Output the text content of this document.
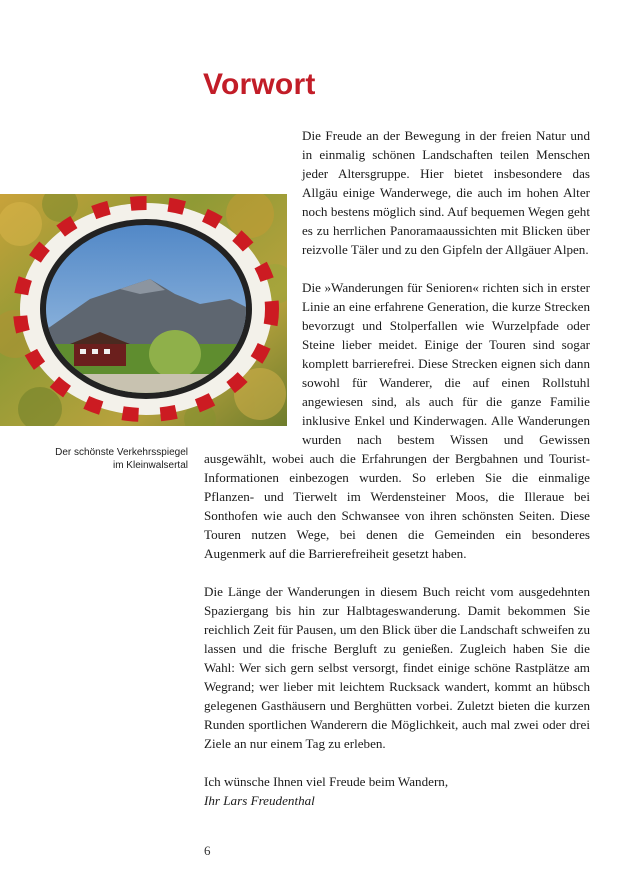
Vorwort
Der schönste Verkehrsspiegel
im Kleinwalsertal

Die Freude an der Bewegung in der freien Natur und in einmalig schönen Landschaften teilen Menschen jeder Altersgruppe. Hier bietet insbesondere das Allgäu einige Wanderwege, die auch im hohen Alter noch bestens möglich sind. Auf bequemen Wegen geht es zu herrlichen Panoramaaussichten mit Blicken über reizvolle Täler und zu den Gipfeln der Allgäuer Alpen.

Die »Wanderungen für Senioren« richten sich in erster Linie an eine erfahrene Generation, die kurze Strecken bevorzugt und Stolperfallen wie Wurzelpfade oder Steine lieber meidet. Einige der Touren sind sogar komplett barrierefrei. Diese Strecken eignen sich dann sowohl für Wanderer, die auf einen Rollstuhl angewiesen sind, als auch für die ganze Familie inklusive Enkel und Kinderwagen. Alle Wanderungen wurden nach bestem Wissen und Gewissen ausgewählt, wobei auch die Erfahrungen der Bergbahnen und Tourist-Informationen einbezogen wurden. So erleben Sie die einmalige Pflanzen- und Tierwelt im Werdensteiner Moos, die Illeraue bei Sonthofen wie auch den Schwansee von ihren schönsten Seiten. Diese Touren nutzen Wege, bei denen die Gemeinden ein besonderes Augenmerk auf die Barrierefreiheit gesetzt haben.

Die Länge der Wanderungen in diesem Buch reicht vom ausgedehnten Spaziergang bis hin zur Halbtageswanderung. Damit bekommen Sie reichlich Zeit für Pausen, um den Blick über die Landschaft schweifen zu lassen und die frische Bergluft zu genießen. Zugleich haben Sie die Wahl: Wer sich gern selbst versorgt, findet einige schöne Rastplätze am Wegrand; wer lieber mit leichtem Rucksack wandert, kommt an hübsch gelegenen Gasthäusern und Berghütten vorbei. Zuletzt bieten die kurzen Runden sportlichen Wanderern die Möglichkeit, auch mal zwei oder drei Ziele an nur einem Tag zu erleben.

Ich wünsche Ihnen viel Freude beim Wandern,
Ihr Lars Freudenthal

6
